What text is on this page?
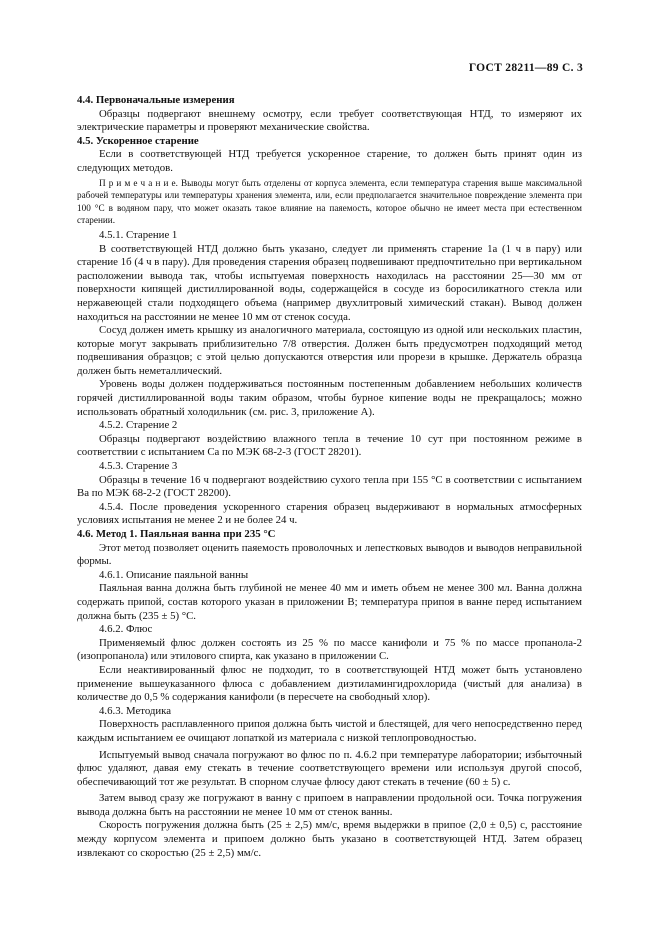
ГОСТ 28211—89 С. 3

4.4. Первоначальные измерения

Образцы подвергают внешнему осмотру, если требует соответствующая НТД, то измеряют их электрические параметры и проверяют механические свойства.

4.5. Ускоренное старение

Если в соответствующей НТД требуется ускоренное старение, то должен быть принят один из следующих методов.

П р и м е ч а н и е. Выводы могут быть отделены от корпуса элемента, если температура старения выше максимальной рабочей температуры или температуры хранения элемента, или, если предполагается значительное повреждение элемента при 100 °С в водяном пару, что может оказать такое влияние на паяемость, которое обычно не имеет места при естественном старении.

4.5.1. Старение 1

В соответствующей НТД должно быть указано, следует ли применять старение 1а (1 ч в пару) или старение 1б (4 ч в пару). Для проведения старения образец подвешивают предпочтительно при вертикальном расположении вывода так, чтобы испытуемая поверхность находилась на расстоянии 25—30 мм от поверхности кипящей дистиллированной воды, содержащейся в сосуде из боросиликатного стекла или нержавеющей стали подходящего объема (например двухлитровый химический стакан). Вывод должен находиться на расстоянии не менее 10 мм от стенок сосуда.

Сосуд должен иметь крышку из аналогичного материала, состоящую из одной или нескольких пластин, которые могут закрывать приблизительно 7/8 отверстия. Должен быть предусмотрен подходящий метод подвешивания образцов; с этой целью допускаются отверстия или прорези в крышке. Держатель образца должен быть неметаллический.

Уровень воды должен поддерживаться постоянным постепенным добавлением небольших количеств горячей дистиллированной воды таким образом, чтобы бурное кипение воды не прекращалось; можно использовать обратный холодильник (см. рис. 3, приложение А).

4.5.2. Старение 2

Образцы подвергают воздействию влажного тепла в течение 10 сут при постоянном режиме в соответствии с испытанием Са по МЭК 68-2-3 (ГОСТ 28201).

4.5.3. Старение 3

Образцы в течение 16 ч подвергают воздействию сухого тепла при 155 °С в соответствии с испытанием Ва по МЭК 68-2-2 (ГОСТ 28200).

4.5.4. После проведения ускоренного старения образец выдерживают в нормальных атмосферных условиях испытания не менее 2 и не более 24 ч.

4.6. Метод 1. Паяльная ванна при 235 °С

Этот метод позволяет оценить паяемость проволочных и лепестковых выводов и выводов неправильной формы.

4.6.1. Описание паяльной ванны

Паяльная ванна должна быть глубиной не менее 40 мм и иметь объем не менее 300 мл. Ванна должна содержать припой, состав которого указан в приложении В; температура припоя в ванне перед испытанием должна быть (235 ± 5) °С.

4.6.2. Флюс

Применяемый флюс должен состоять из 25 % по массе канифоли и 75 % по массе пропанола-2 (изопропанола) или этилового спирта, как указано в приложении С.

Если неактивированный флюс не подходит, то в соответствующей НТД может быть установлено применение вышеуказанного флюса с добавлением диэтиламингидрохлорида (чистый для анализа) в количестве до 0,5 % содержания канифоли (в пересчете на свободный хлор).

4.6.3. Методика

Поверхность расплавленного припоя должна быть чистой и блестящей, для чего непосредственно перед каждым испытанием ее очищают лопаткой из материала с низкой теплопроводностью.

Испытуемый вывод сначала погружают во флюс по п. 4.6.2 при температуре лаборатории; избыточный флюс удаляют, давая ему стекать в течение соответствующего времени или используя другой способ, обеспечивающий тот же результат. В спорном случае флюсу дают стекать в течение (60 ± 5) с.

Затем вывод сразу же погружают в ванну с припоем в направлении продольной оси. Точка погружения вывода должна быть на расстоянии не менее 10 мм от стенок ванны.

Скорость погружения должна быть (25 ± 2,5) мм/с, время выдержки в припое (2,0 ± 0,5) с, расстояние между корпусом элемента и припоем должно быть указано в соответствующей НТД. Затем образец извлекают со скоростью (25 ± 2,5) мм/с.
